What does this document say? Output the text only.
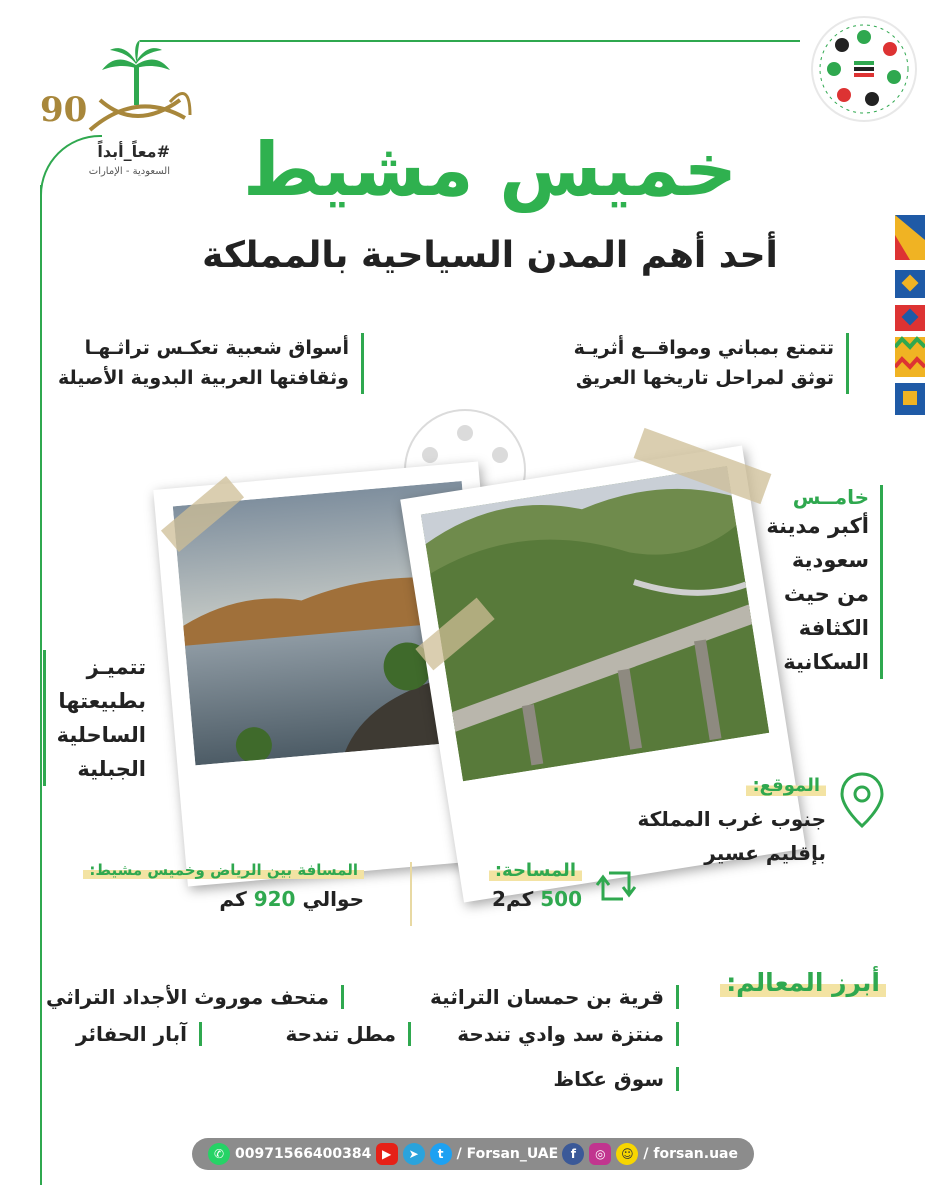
90
#معاً_أبداً
السعودية - الإمارات خميس مشيط
أحد أهم المدن السياحية بالمملكة
تتمتع بمباني ومواقــع أثريـة
توثق لمراحل تاريخها العريق
أسواق شعبية تعكـس تراثـهـا
وثقافتها العربية البدوية الأصيلة
خامــس
أكبر مدينة
سعودية
من حيث
الكثافة
السكانية
تتميـز
بطبيعتها
الساحلية
الجبلية
الموقع:
جنوب غرب المملكة
بإقليم عسير
المساحة:
500 كم2
المسافة بين الرياض وخميس مشيط:
حوالي 920 كم
أبرز المعالم:
قرية بن حمسان التراثية
منتزة سد وادي تندحة
سوق عكاظ
متحف موروث الأجداد التراثي
مطل تندحة
آبار الحفائر
✆ 00971566400384 ▶	➤	t / Forsan_UAE	f	◎	☺ / forsan.uae
